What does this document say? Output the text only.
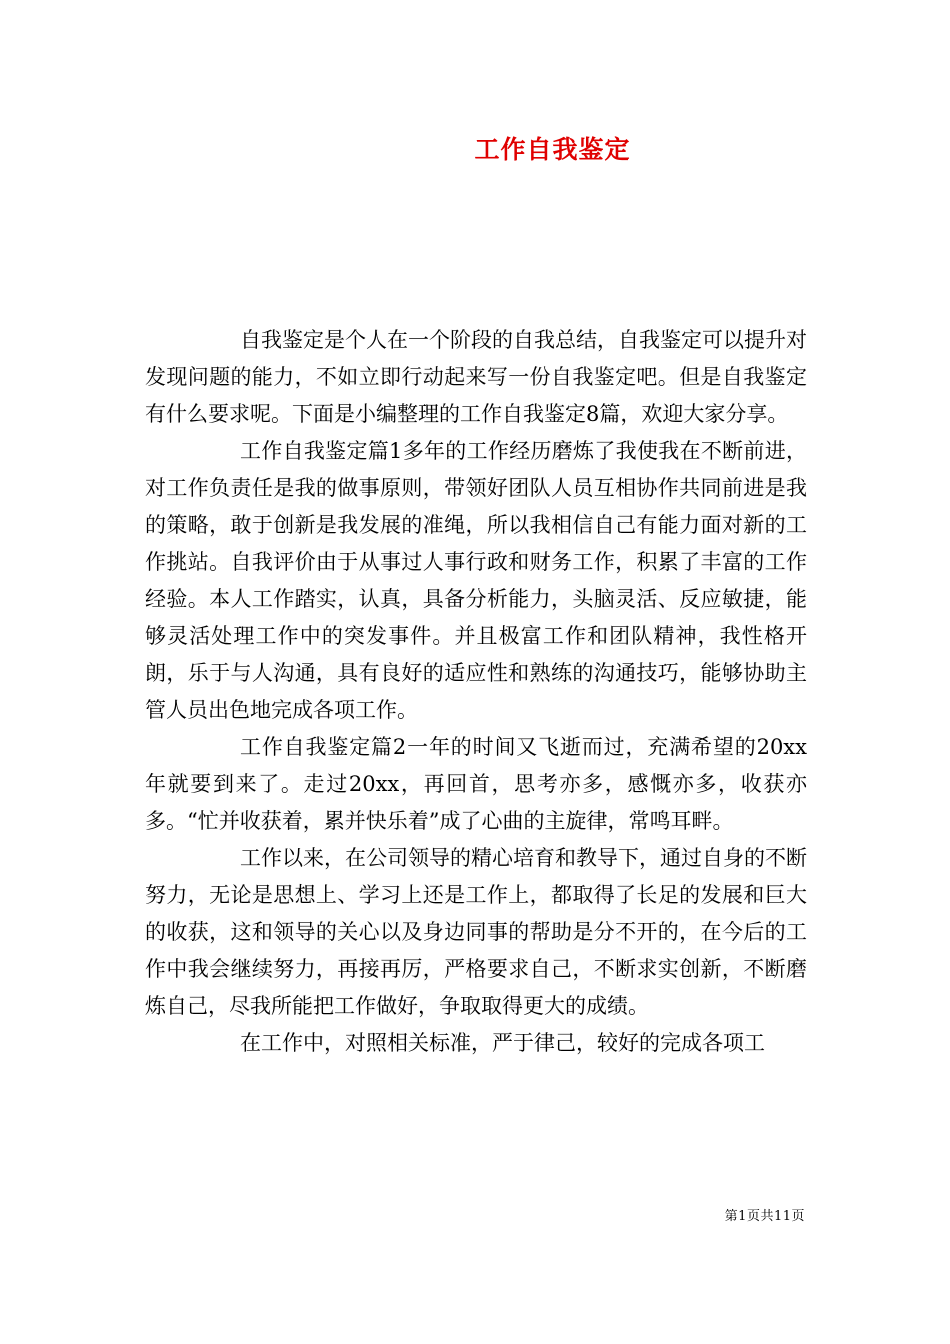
工作自我鉴定

自我鉴定是个人在一个阶段的自我总结，自我鉴定可以提升对发现问题的能力，不如立即行动起来写一份自我鉴定吧。但是自我鉴定有什么要求呢。下面是小编整理的工作自我鉴定8篇，欢迎大家分享。

工作自我鉴定篇1多年的工作经历磨炼了我使我在不断前进，对工作负责任是我的做事原则，带领好团队人员互相协作共同前进是我的策略，敢于创新是我发展的准绳，所以我相信自己有能力面对新的工作挑站。自我评价由于从事过人事行政和财务工作，积累了丰富的工作经验。本人工作踏实，认真，具备分析能力，头脑灵活、反应敏捷，能够灵活处理工作中的突发事件。并且极富工作和团队精神，我性格开朗，乐于与人沟通，具有良好的适应性和熟练的沟通技巧，能够协助主管人员出色地完成各项工作。

工作自我鉴定篇2一年的时间又飞逝而过，充满希望的20xx年就要到来了。走过20xx，再回首，思考亦多，感慨亦多，收获亦多。“忙并收获着，累并快乐着”成了心曲的主旋律，常鸣耳畔。

工作以来，在公司领导的精心培育和教导下，通过自身的不断努力，无论是思想上、学习上还是工作上，都取得了长足的发展和巨大的收获，这和领导的关心以及身边同事的帮助是分不开的，在今后的工作中我会继续努力，再接再厉，严格要求自己，不断求实创新，不断磨炼自己，尽我所能把工作做好，争取取得更大的成绩。

在工作中，对照相关标准，严于律己，较好的完成各项工

第1页共11页
